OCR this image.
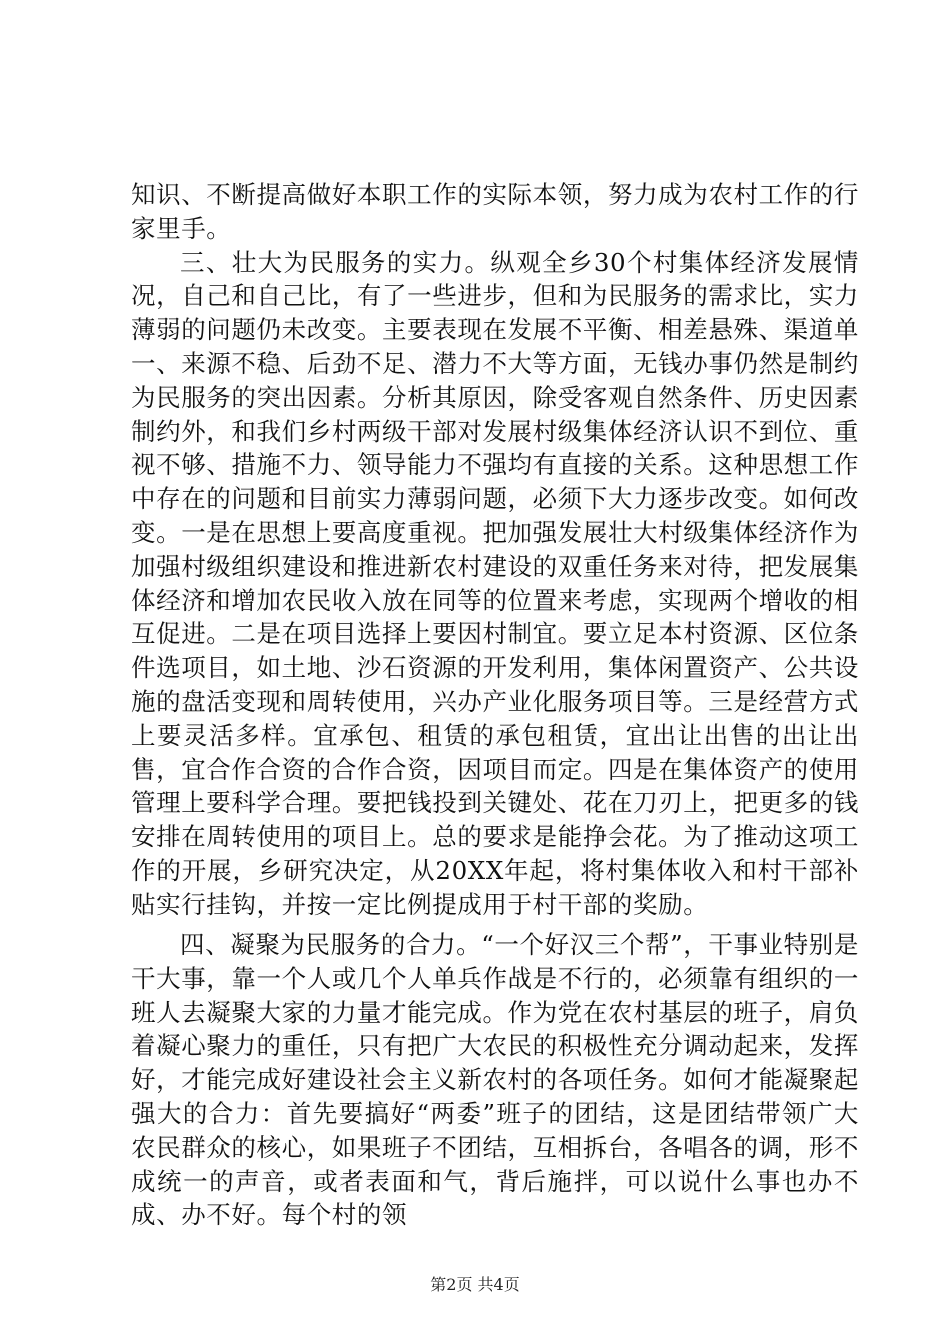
知识、不断提高做好本职工作的实际本领，努力成为农村工作的行家里手。

三、壮大为民服务的实力。纵观全乡30个村集体经济发展情况，自己和自己比，有了一些进步，但和为民服务的需求比，实力薄弱的问题仍未改变。主要表现在发展不平衡、相差悬殊、渠道单一、来源不稳、后劲不足、潜力不大等方面，无钱办事仍然是制约为民服务的突出因素。分析其原因，除受客观自然条件、历史因素制约外，和我们乡村两级干部对发展村级集体经济认识不到位、重视不够、措施不力、领导能力不强均有直接的关系。这种思想工作中存在的问题和目前实力薄弱问题，必须下大力逐步改变。如何改变。一是在思想上要高度重视。把加强发展壮大村级集体经济作为加强村级组织建设和推进新农村建设的双重任务来对待，把发展集体经济和增加农民收入放在同等的位置来考虑，实现两个增收的相互促进。二是在项目选择上要因村制宜。要立足本村资源、区位条件选项目，如土地、沙石资源的开发利用，集体闲置资产、公共设施的盘活变现和周转使用，兴办产业化服务项目等。三是经营方式上要灵活多样。宜承包、租赁的承包租赁，宜出让出售的出让出售，宜合作合资的合作合资，因项目而定。四是在集体资产的使用管理上要科学合理。要把钱投到关键处、花在刀刃上，把更多的钱安排在周转使用的项目上。总的要求是能挣会花。为了推动这项工作的开展，乡研究决定，从20XX年起，将村集体收入和村干部补贴实行挂钩，并按一定比例提成用于村干部的奖励。

四、凝聚为民服务的合力。“一个好汉三个帮”，干事业特别是干大事，靠一个人或几个人单兵作战是不行的，必须靠有组织的一班人去凝聚大家的力量才能完成。作为党在农村基层的班子，肩负着凝心聚力的重任，只有把广大农民的积极性充分调动起来，发挥好，才能完成好建设社会主义新农村的各项任务。如何才能凝聚起强大的合力：首先要搞好“两委”班子的团结，这是团结带领广大农民群众的核心，如果班子不团结，互相拆台，各唱各的调，形不成统一的声音，或者表面和气，背后施拌，可以说什么事也办不成、办不好。每个村的领

第2页 共4页
